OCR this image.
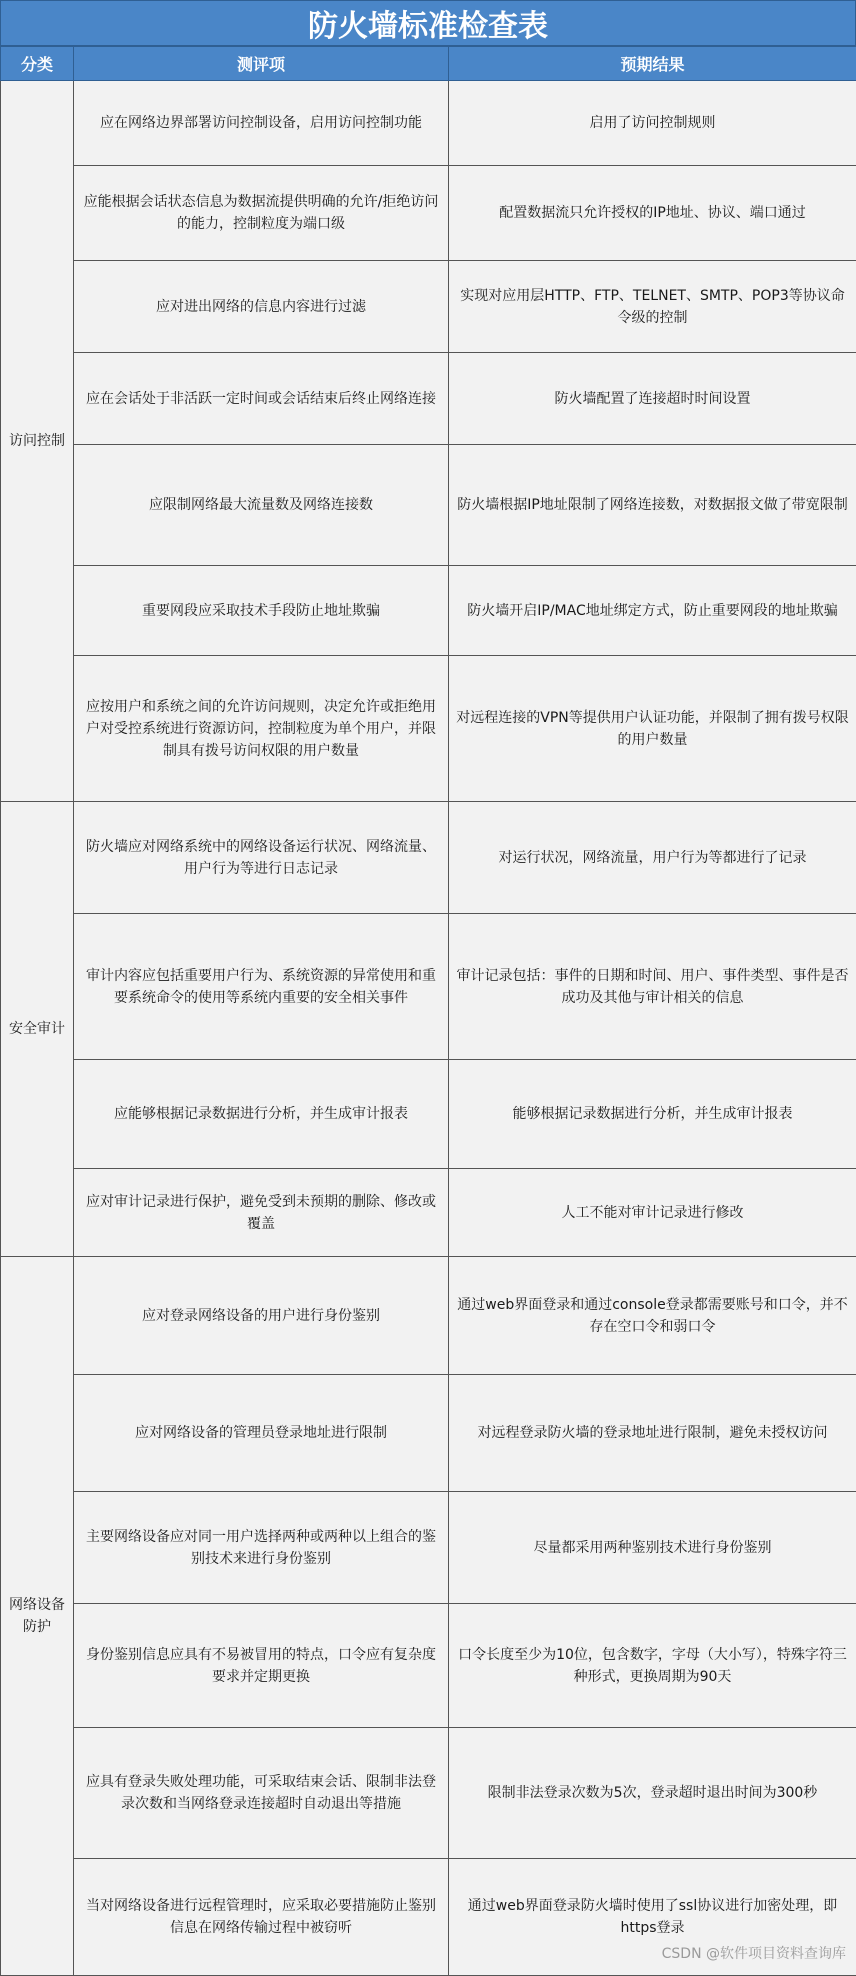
防火墙标准检查表
分类	测评项	预期结果
访问控制	应在网络边界部署访问控制设备，启用访问控制功能	启用了访问控制规则
	应能根据会话状态信息为数据流提供明确的允许/拒绝访问的能力，控制粒度为端口级	配置数据流只允许授权的IP地址、协议、端口通过
	应对进出网络的信息内容进行过滤	实现对应用层HTTP、FTP、TELNET、SMTP、POP3等协议命令级的控制
	应在会话处于非活跃一定时间或会话结束后终止网络连接	防火墙配置了连接超时时间设置
	应限制网络最大流量数及网络连接数	防火墙根据IP地址限制了网络连接数，对数据报文做了带宽限制
	重要网段应采取技术手段防止地址欺骗	防火墙开启IP/MAC地址绑定方式，防止重要网段的地址欺骗
	应按用户和系统之间的允许访问规则，决定允许或拒绝用户对受控系统进行资源访问，控制粒度为单个用户，并限制具有拨号访问权限的用户数量	对远程连接的VPN等提供用户认证功能，并限制了拥有拨号权限的用户数量
安全审计	防火墙应对网络系统中的网络设备运行状况、网络流量、用户行为等进行日志记录	对运行状况，网络流量，用户行为等都进行了记录
	审计内容应包括重要用户行为、系统资源的异常使用和重要系统命令的使用等系统内重要的安全相关事件	审计记录包括：事件的日期和时间、用户、事件类型、事件是否成功及其他与审计相关的信息
	应能够根据记录数据进行分析，并生成审计报表	能够根据记录数据进行分析，并生成审计报表
	应对审计记录进行保护，避免受到未预期的删除、修改或覆盖	人工不能对审计记录进行修改
网络设备防护	应对登录网络设备的用户进行身份鉴别	通过web界面登录和通过console登录都需要账号和口令，并不存在空口令和弱口令
	应对网络设备的管理员登录地址进行限制	对远程登录防火墙的登录地址进行限制，避免未授权访问
	主要网络设备应对同一用户选择两种或两种以上组合的鉴别技术来进行身份鉴别	尽量都采用两种鉴别技术进行身份鉴别
	身份鉴别信息应具有不易被冒用的特点，口令应有复杂度要求并定期更换	口令长度至少为10位，包含数字，字母（大小写），特殊字符三种形式，更换周期为90天
	应具有登录失败处理功能，可采取结束会话、限制非法登录次数和当网络登录连接超时自动退出等措施	限制非法登录次数为5次，登录超时退出时间为300秒
	当对网络设备进行远程管理时，应采取必要措施防止鉴别信息在网络传输过程中被窃听	通过web界面登录防火墙时使用了ssl协议进行加密处理，即https登录
CSDN @软件项目资料查询库
